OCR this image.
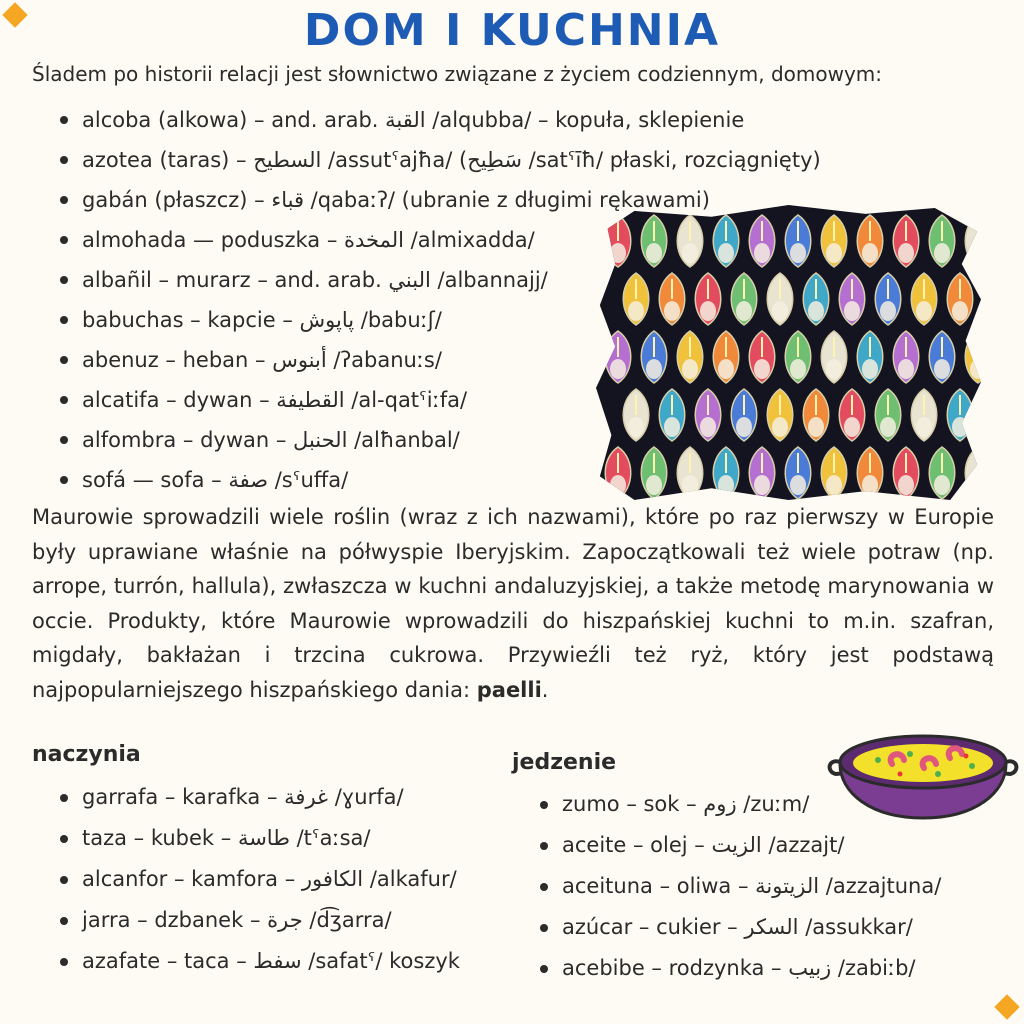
DOM I KUCHNIA
Śladem po historii relacji jest słownictwo związane z życiem codziennym, domowym:
alcoba (alkowa) – and. arab. القبة /alqubba/ – kopuła, sklepienie
azotea (taras) – السطيح /assutˁajħa/ (سَطِيح /satˁīħ/ płaski, rozciągnięty)
gabán (płaszcz) – قباء /qabaːʔ/ (ubranie z długimi rękawami)
almohada — poduszka – المخدة /almixadda/
albañil – murarz – and. arab. البني /albannajj/
babuchas – kapcie – پاپوش /babuːʃ/
abenuz – heban – أبنوس /ʔabanuːs/
alcatifa – dywan – القطيفة /al-qatˁiːfa/
alfombra – dywan – الحنبل /alħanbal/
sofá — sofa – صفة /sˁuffa/

Maurowie sprowadzili wiele roślin (wraz z ich nazwami), które po raz pierwszy w Europie były uprawiane właśnie na półwyspie Iberyjskim. Zapoczątkowali też wiele potraw (np. arrope, turrón, hallula), zwłaszcza w kuchni andaluzyjskiej, a także metodę marynowania w occie. Produkty, które Maurowie wprowadzili do hiszpańskiej kuchni to m.in. szafran, migdały, bakłażan i trzcina cukrowa. Przywieźli też ryż, który jest podstawą najpopularniejszego hiszpańskiego dania: paelli.

naczynia
garrafa – karafka – غرفة /ɣurfa/
taza – kubek – طاسة /tˁaːsa/
alcanfor – kamfora – الكافور /alkafur/
jarra – dzbanek – جرة /d͡ʒarra/
azafate – taca – سفط /safatˁ/ koszyk
jedzenie
zumo – sok – زوم /zuːm/
aceite – olej – الزيت /azzajt/
aceituna – oliwa – الزيتونة /azzajtuna/
azúcar – cukier – السكر /assukkar/
acebibe – rodzynka – زبيب /zabiːb/
